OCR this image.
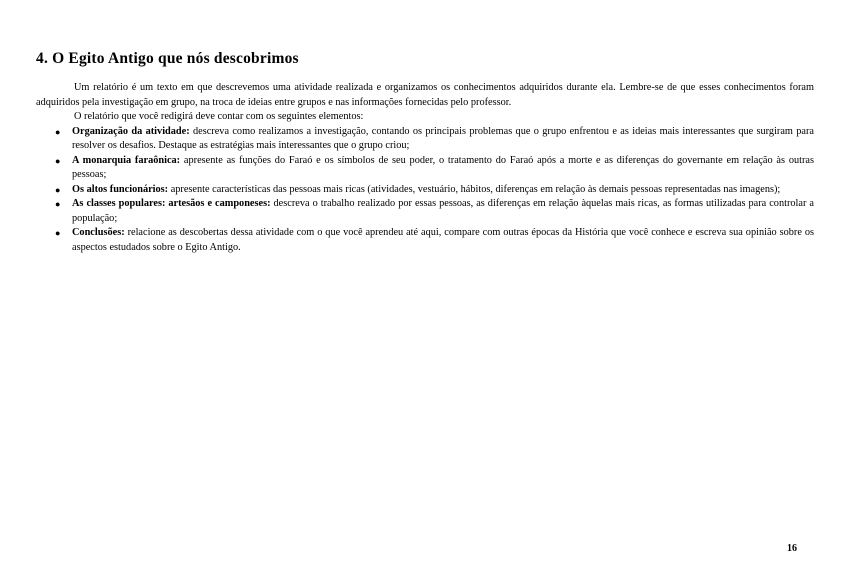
4. O Egito Antigo que nós descobrimos

Um relatório é um texto em que descrevemos uma atividade realizada e organizamos os conhecimentos adquiridos durante ela. Lembre-se de que esses conhecimentos foram adquiridos pela investigação em grupo, na troca de ideias entre grupos e nas informações fornecidas pelo professor.

O relatório que você redigirá deve contar com os seguintes elementos:

● Organização da atividade: descreva como realizamos a investigação, contando os principais problemas que o grupo enfrentou e as ideias mais interessantes que surgiram para resolver os desafios. Destaque as estratégias mais interessantes que o grupo criou;
● A monarquia faraônica: apresente as funções do Faraó e os símbolos de seu poder, o tratamento do Faraó após a morte e as diferenças do governante em relação às outras pessoas;
● Os altos funcionários: apresente características das pessoas mais ricas (atividades, vestuário, hábitos, diferenças em relação às demais pessoas representadas nas imagens);
● As classes populares: artesãos e camponeses: descreva o trabalho realizado por essas pessoas, as diferenças em relação àquelas mais ricas, as formas utilizadas para controlar a população;
● Conclusões: relacione as descobertas dessa atividade com o que você aprendeu até aqui, compare com outras épocas da História que você conhece e escreva sua opinião sobre os aspectos estudados sobre o Egito Antigo.
16
